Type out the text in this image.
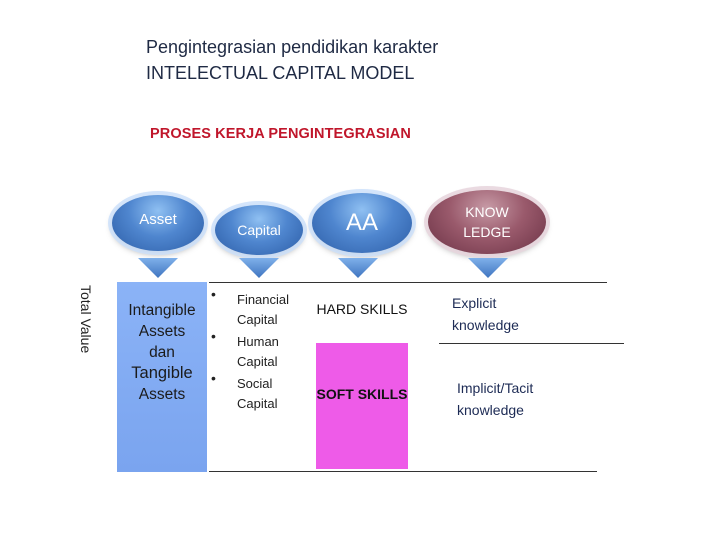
Pengintegrasian pendidikan karakter
INTELECTUAL CAPITAL MODEL
PROSES KERJA PENGINTEGRASIAN
Asset
Capital	AA	KNOW
LEDGE
Total Value	Intangible
Assets
dan
Tangible
Assets
• Financial Capital
• Human Capital
• Social Capital
HARD SKILLS
SOFT SKILLS
Explicit
knowledge
Implicit/Tacit
knowledge
